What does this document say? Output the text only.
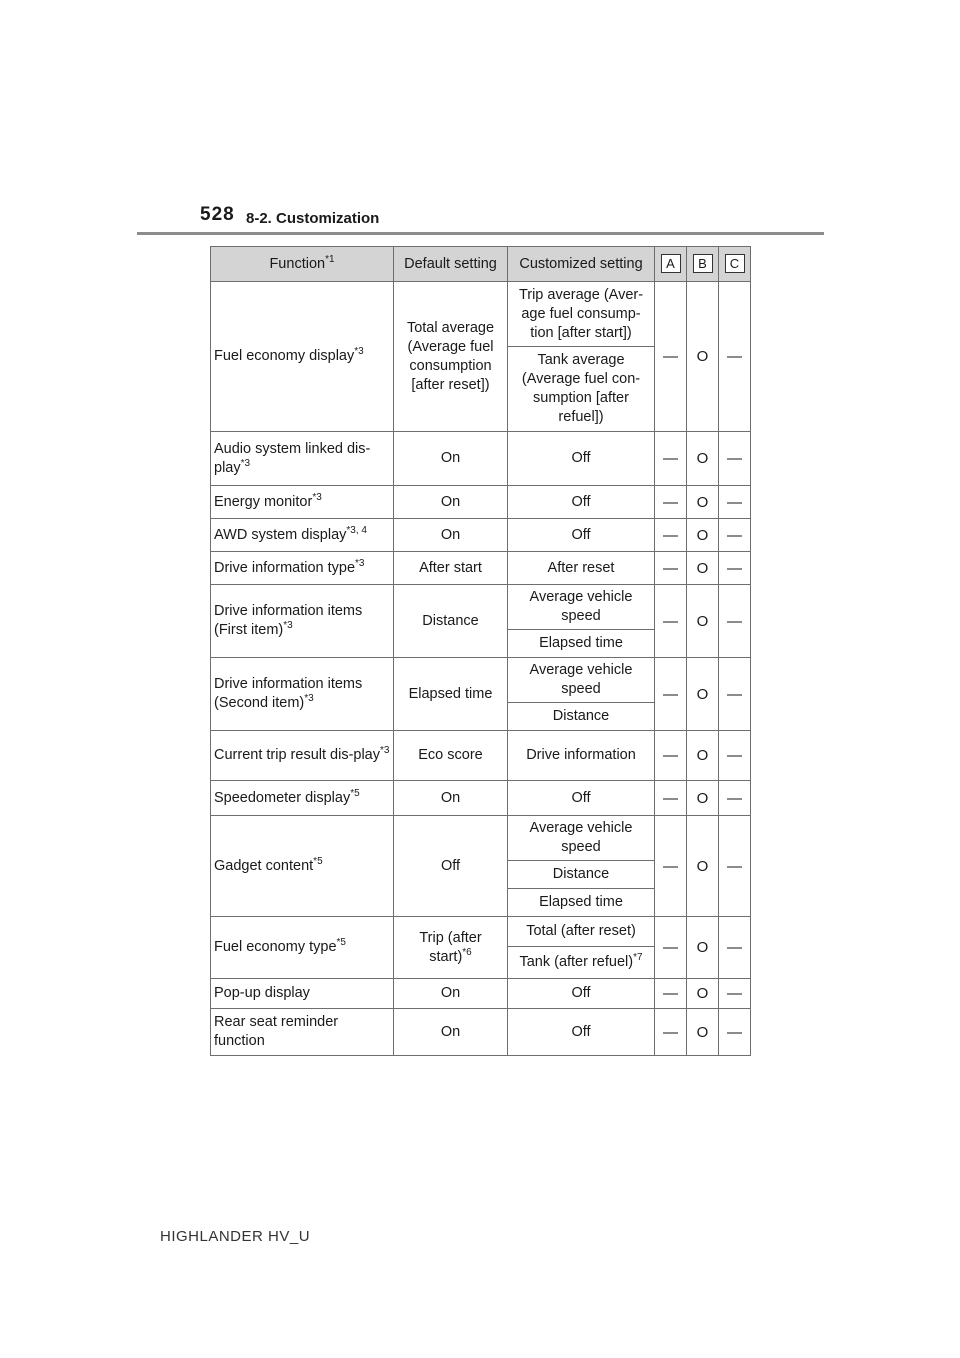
528 8-2. Customization
Function$^{*1}$	Default setting	Customized setting	A	B	C
Fuel economy display$^{*3}$	Total average (Average fuel consumption [after reset])	Trip average (Aver-age fuel consump-tion [after start])	—	O	—
		Tank average (Average fuel con-sumption [after refuel])			
Audio system linked dis-play$^{*3}$	On	Off	—	O	—
Energy monitor$^{*3}$	On	Off	—	O	—
AWD system display$^{*3, 4}$	On	Off	—	O	—
Drive information type$^{*3}$	After start	After reset	—	O	—
Drive information items (First item)$^{*3}$	Distance	Average vehicle speed	—	O	—
		Elapsed time			
Drive information items (Second item)$^{*3}$	Elapsed time	Average vehicle speed	—	O	—
		Distance			
Current trip result dis-play$^{*3}$	Eco score	Drive information	—	O	—
Speedometer display$^{*5}$	On	Off	—	O	—
Gadget content$^{*5}$	Off	Average vehicle speed	—	O	—
		Distance			
		Elapsed time			
Fuel economy type$^{*5}$	Trip (after start)$^{*6}$	Total (after reset)	—	O	—
		Tank (after refuel)$^{*7}$
Pop-up display	On	Off	—	O	—
Rear seat reminder function	On	Off	—	O	—
HIGHLANDER HV_U
